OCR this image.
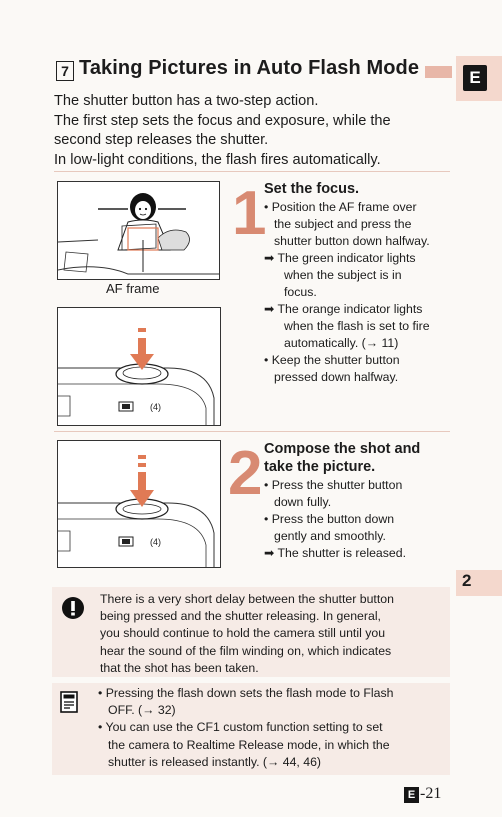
7 Taking Pictures in Auto Flash Mode	E
The shutter button has a two-step action.
The first step sets the focus and exposure, while the
second step releases the shutter.
In low-light conditions, the flash fires automatically.
AF frame
(4)
1
Set the focus.
• Position the AF frame over
the subject and press the
shutter button down halfway.
➡ The green indicator lights
when the subject is in
focus.
➡ The orange indicator lights
when the flash is set to fire
automatically. (→ 11)
• Keep the shutter button
pressed down halfway.
(4)
2 Compose the shot and
take the picture.
• Press the shutter button
down fully.
• Press the button down
gently and smoothly.
➡ The shutter is released.
2
There is a very short delay between the shutter button
being pressed and the shutter releasing. In general,
you should continue to hold the camera still until you
hear the sound of the film winding on, which indicates
that the shot has been taken.
• Pressing the flash down sets the flash mode to Flash
OFF. (→ 32)
• You can use the CF1 custom function setting to set
the camera to Realtime Release mode, in which the
shutter is released instantly. (→ 44, 46)
E -21
